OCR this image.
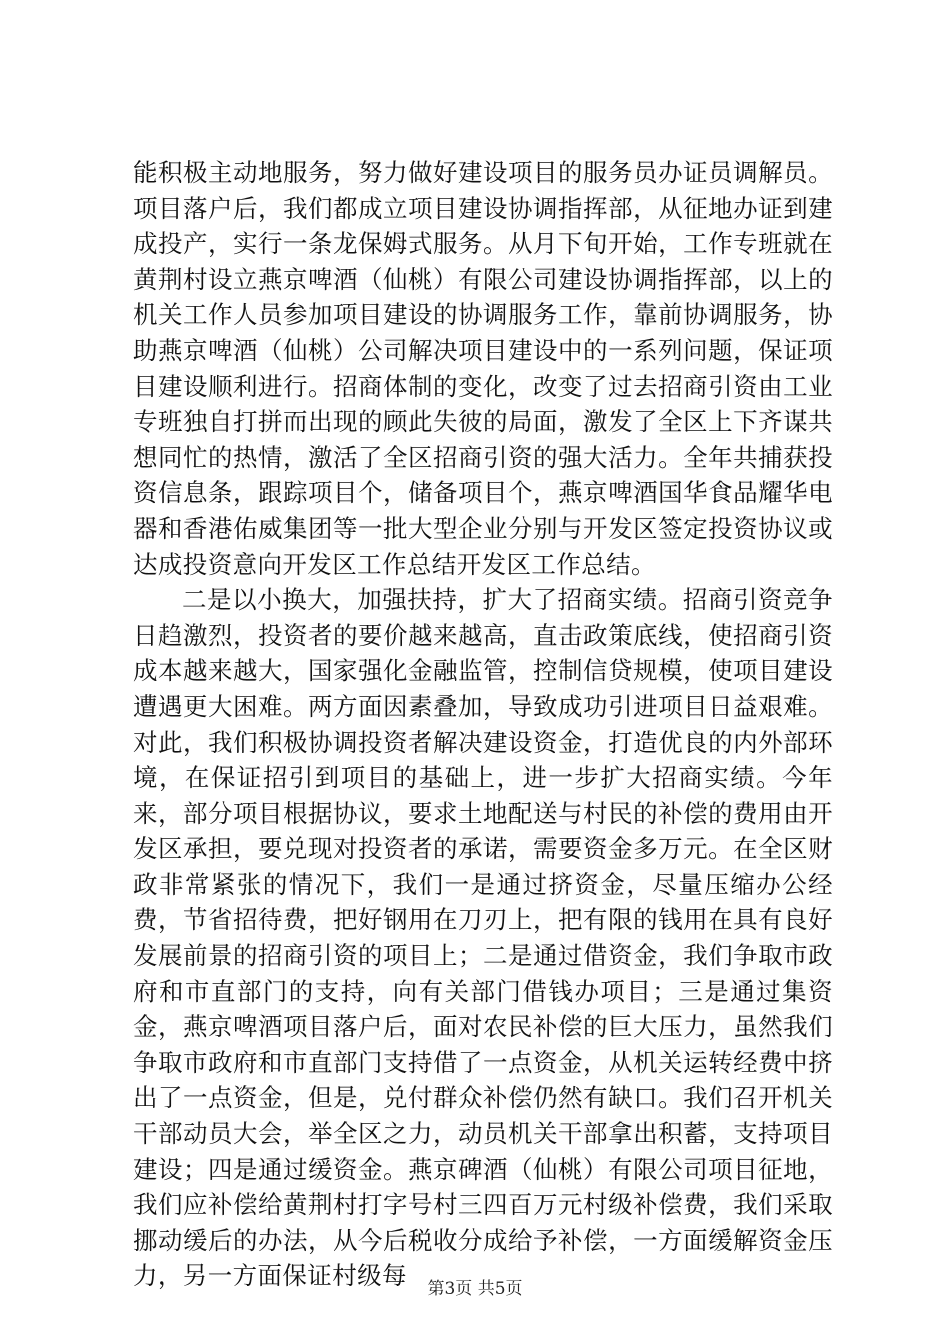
能积极主动地服务，努力做好建设项目的服务员办证员调解员。项目落户后，我们都成立项目建设协调指挥部，从征地办证到建成投产，实行一条龙保姆式服务。从月下旬开始，工作专班就在黄荆村设立燕京啤酒（仙桃）有限公司建设协调指挥部，以上的机关工作人员参加项目建设的协调服务工作，靠前协调服务，协助燕京啤酒（仙桃）公司解决项目建设中的一系列问题，保证项目建设顺利进行。招商体制的变化，改变了过去招商引资由工业专班独自打拼而出现的顾此失彼的局面，激发了全区上下齐谋共想同忙的热情，激活了全区招商引资的强大活力。全年共捕获投资信息条，跟踪项目个，储备项目个，燕京啤酒国华食品耀华电器和香港佑威集团等一批大型企业分别与开发区签定投资协议或达成投资意向开发区工作总结开发区工作总结。

二是以小换大，加强扶持，扩大了招商实绩。招商引资竞争日趋激烈，投资者的要价越来越高，直击政策底线，使招商引资成本越来越大，国家强化金融监管，控制信贷规模，使项目建设遭遇更大困难。两方面因素叠加，导致成功引进项目日益艰难。对此，我们积极协调投资者解决建设资金，打造优良的内外部环境，在保证招引到项目的基础上，进一步扩大招商实绩。今年来，部分项目根据协议，要求土地配送与村民的补偿的费用由开发区承担，要兑现对投资者的承诺，需要资金多万元。在全区财政非常紧张的情况下，我们一是通过挤资金，尽量压缩办公经费，节省招待费，把好钢用在刀刃上，把有限的钱用在具有良好发展前景的招商引资的项目上；二是通过借资金，我们争取市政府和市直部门的支持，向有关部门借钱办项目；三是通过集资金，燕京啤酒项目落户后，面对农民补偿的巨大压力，虽然我们争取市政府和市直部门支持借了一点资金，从机关运转经费中挤出了一点资金，但是，兑付群众补偿仍然有缺口。我们召开机关干部动员大会，举全区之力，动员机关干部拿出积蓄，支持项目建设；四是通过缓资金。燕京碑酒（仙桃）有限公司项目征地，我们应补偿给黄荆村打字号村三四百万元村级补偿费，我们采取挪动缓后的办法，从今后税收分成给予补偿，一方面缓解资金压力，另一方面保证村级每	第3页 共5页
